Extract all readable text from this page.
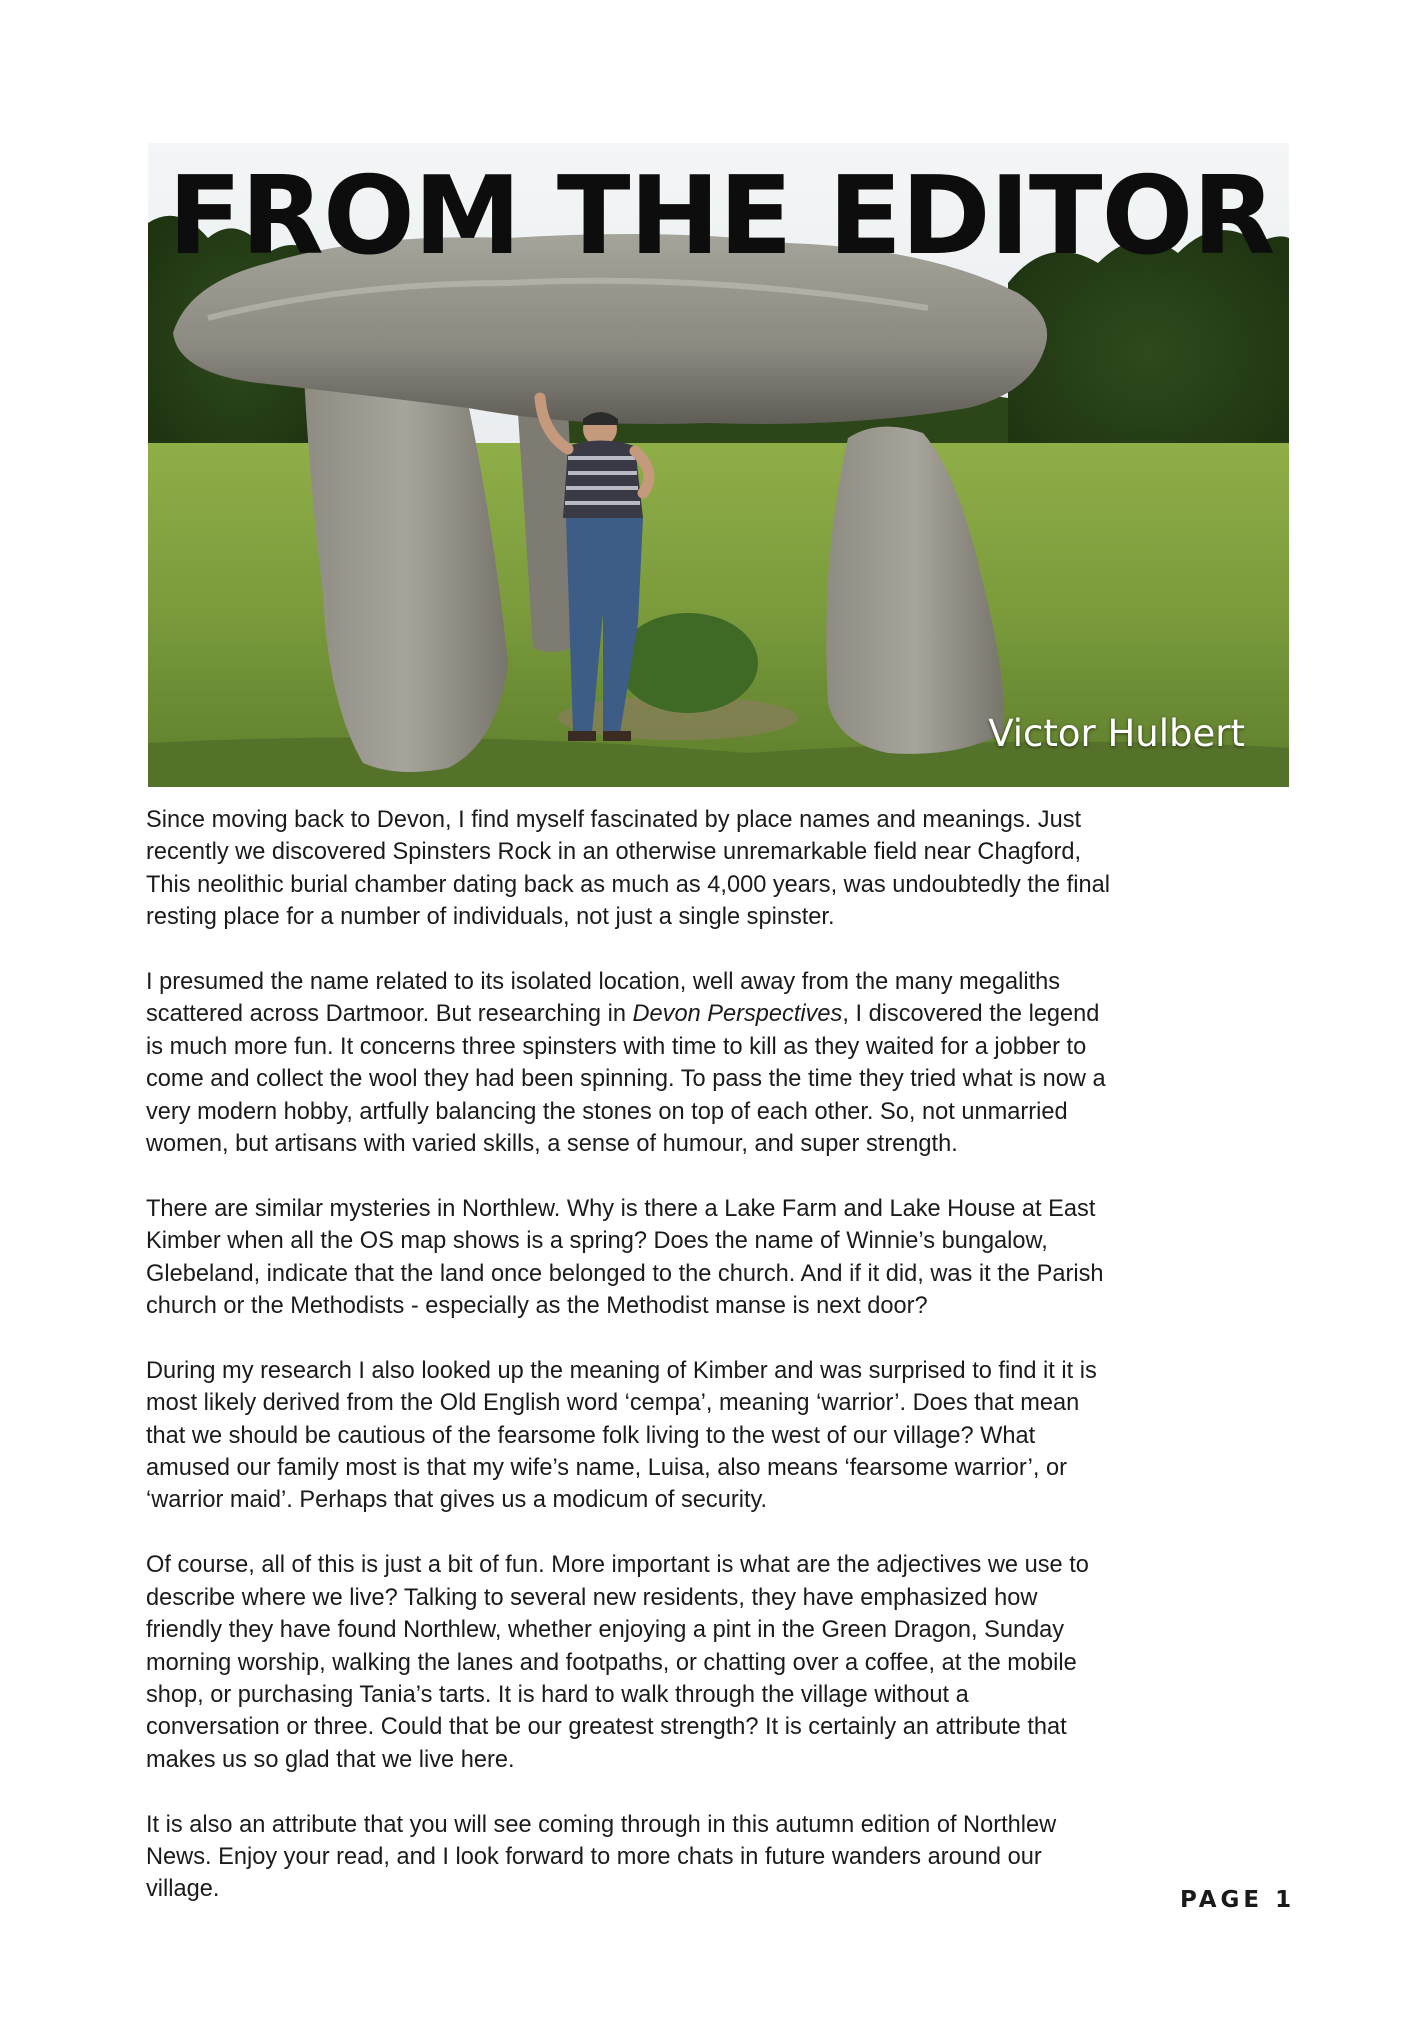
FROM THE EDITOR
Victor Hulbert

Since moving back to Devon, I find myself fascinated by place names and meanings. Just
recently we discovered Spinsters Rock in an otherwise unremarkable field near Chagford,
This neolithic burial chamber dating back as much as 4,000 years, was undoubtedly the final
resting place for a number of individuals, not just a single spinster.

I presumed the name related to its isolated location, well away from the many megaliths
scattered across Dartmoor. But researching in Devon Perspectives, I discovered the legend
is much more fun. It concerns three spinsters with time to kill as they waited for a jobber to
come and collect the wool they had been spinning. To pass the time they tried what is now a
very modern hobby, artfully balancing the stones on top of each other. So, not unmarried
women, but artisans with varied skills, a sense of humour, and super strength.

There are similar mysteries in Northlew. Why is there a Lake Farm and Lake House at East
Kimber when all the OS map shows is a spring? Does the name of Winnie’s bungalow,
Glebeland, indicate that the land once belonged to the church. And if it did, was it the Parish
church or the Methodists - especially as the Methodist manse is next door?

During my research I also looked up the meaning of Kimber and was surprised to find it it is
most likely derived from the Old English word ‘cempa’, meaning ‘warrior’. Does that mean
that we should be cautious of the fearsome folk living to the west of our village? What
amused our family most is that my wife’s name, Luisa, also means ‘fearsome warrior’, or
‘warrior maid’. Perhaps that gives us a modicum of security.

Of course, all of this is just a bit of fun. More important is what are the adjectives we use to
describe where we live? Talking to several new residents, they have emphasized how
friendly they have found Northlew, whether enjoying a pint in the Green Dragon, Sunday
morning worship, walking the lanes and footpaths, or chatting over a coffee, at the mobile
shop, or purchasing Tania’s tarts. It is hard to walk through the village without a
conversation or three. Could that be our greatest strength? It is certainly an attribute that
makes us so glad that we live here.

It is also an attribute that you will see coming through in this autumn edition of Northlew
News. Enjoy your read, and I look forward to more chats in future wanders around our
village.	PAGE 1
